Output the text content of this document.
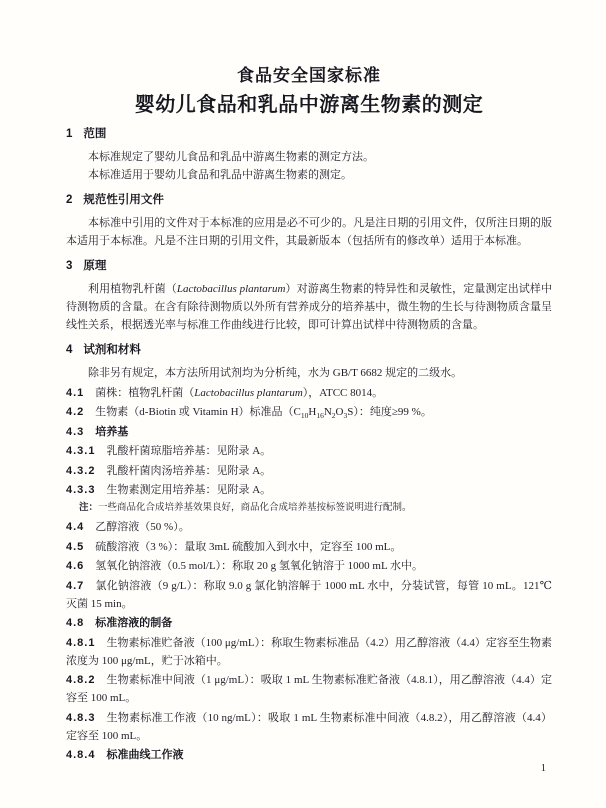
食品安全国家标准
婴幼儿食品和乳品中游离生物素的测定
1 范围

本标准规定了婴幼儿食品和乳品中游离生物素的测定方法。

本标准适用于婴幼儿食品和乳品中游离生物素的测定。

2 规范性引用文件

本标准中引用的文件对于本标准的应用是必不可少的。凡是注日期的引用文件，仅所注日期的版本适用于本标准。凡是不注日期的引用文件，其最新版本（包括所有的修改单）适用于本标准。

3 原理

利用植物乳杆菌（Lactobacillus plantarum）对游离生物素的特异性和灵敏性，定量测定出试样中待测物质的含量。在含有除待测物质以外所有营养成分的培养基中，微生物的生长与待测物质含量呈线性关系，根据透光率与标准工作曲线进行比较，即可计算出试样中待测物质的含量。

4 试剂和材料

除非另有规定，本方法所用试剂均为分析纯，水为 GB/T 6682 规定的二级水。

4.1 菌株：植物乳杆菌（Lactobacillus plantarum），ATCC 8014。

4.2 生物素（d-Biotin 或 Vitamin H）标准品$(C_{10}H_{16}N_2O_3S)$：纯度≥99 %。

4.3 培养基

4.3.1 乳酸杆菌琼脂培养基：见附录 A。

4.3.2 乳酸杆菌肉汤培养基：见附录 A。

4.3.3 生物素测定用培养基：见附录 A。

注：一些商品化合成培养基效果良好，商品化合成培养基按标签说明进行配制。

4.4 乙醇溶液（50 %）。

4.5 硫酸溶液（3 %）：量取 3mL 硫酸加入到水中，定容至 100 mL。

4.6 氢氧化钠溶液（0.5 mol/L）：称取 20 g 氢氧化钠溶于 1000 mL 水中。

4.7 氯化钠溶液（9 g/L）：称取 9.0 g 氯化钠溶解于 1000 mL 水中，分装试管，每管 10 mL。121℃灭菌 15 min。

4.8 标准溶液的制备

4.8.1 生物素标准贮备液（100 μg/mL）：称取生物素标准品（4.2）用乙醇溶液（4.4）定容至生物素浓度为 100 μg/mL，贮于冰箱中。

4.8.2 生物素标准中间液（1 μg/mL）：吸取 1 mL 生物素标准贮备液（4.8.1），用乙醇溶液（4.4）定容至 100 mL。

4.8.3 生物素标准工作液（10 ng/mL）：吸取 1 mL 生物素标准中间液（4.8.2），用乙醇溶液（4.4）定容至 100 mL。

4.8.4 标准曲线工作液

1
